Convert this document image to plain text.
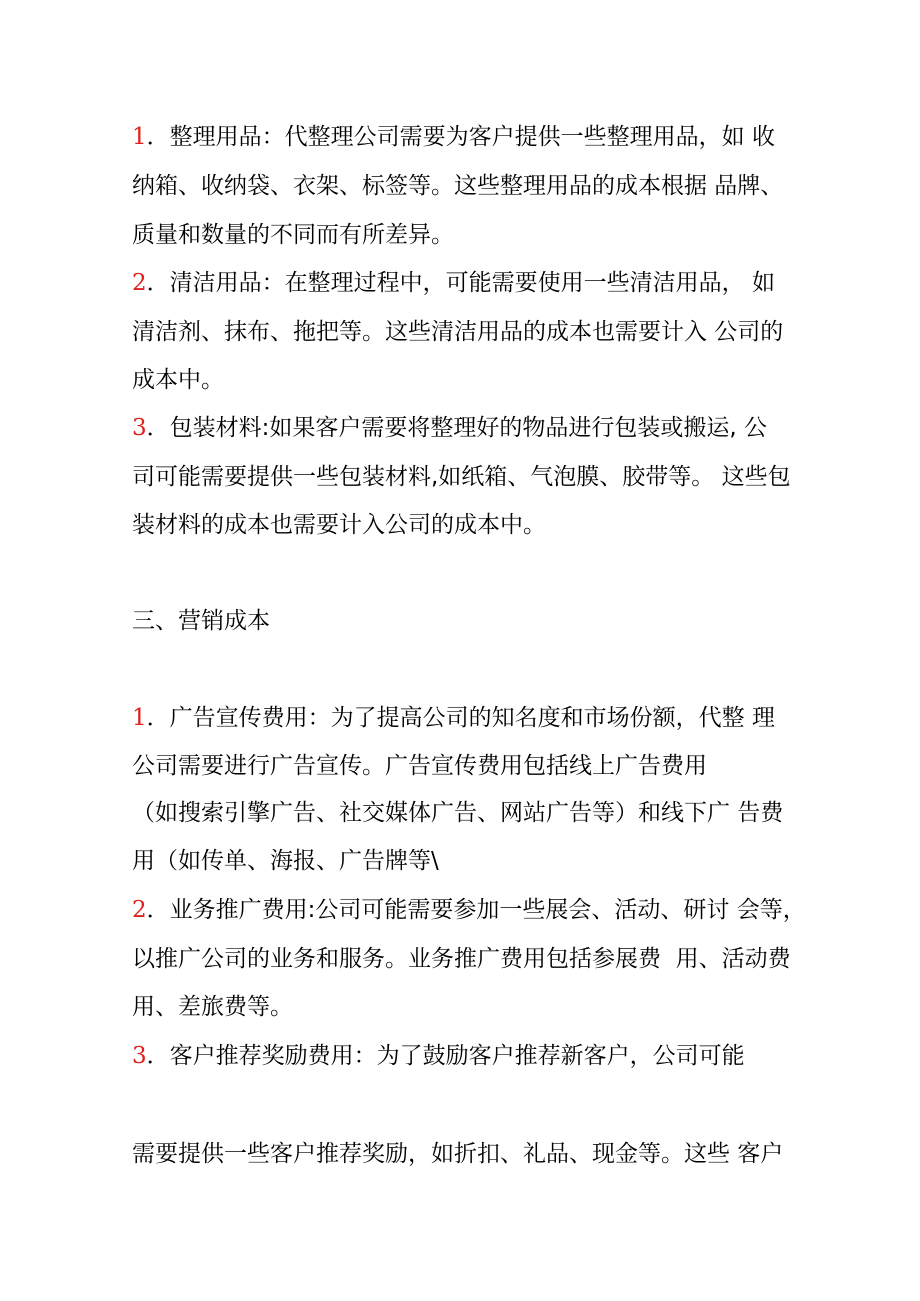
1．整理用品：代整理公司需要为客户提供一些整理用品，如 收
纳箱、收纳袋、衣架、标签等。这些整理用品的成本根据 品牌、
质量和数量的不同而有所差异。
2．清洁用品：在整理过程中，可能需要使用一些清洁用品， 如
清洁剂、抹布、拖把等。这些清洁用品的成本也需要计入 公司的
成本中。
3．包装材料:如果客户需要将整理好的物品进行包装或搬运, 公
司可能需要提供一些包装材料,如纸箱、气泡膜、胶带等。 这些包
装材料的成本也需要计入公司的成本中。
三、营销成本
1．广告宣传费用：为了提高公司的知名度和市场份额，代整 理
公司需要进行广告宣传。广告宣传费用包括线上广告费用
（如搜索引擎广告、社交媒体广告、网站广告等）和线下广 告费
用（如传单、海报、广告牌等\
2．业务推广费用:公司可能需要参加一些展会、活动、研讨 会等，
以推广公司的业务和服务。业务推广费用包括参展费  用、活动费
用、差旅费等。
3．客户推荐奖励费用：为了鼓励客户推荐新客户，公司可能
需要提供一些客户推荐奖励，如折扣、礼品、现金等。这些 客户
